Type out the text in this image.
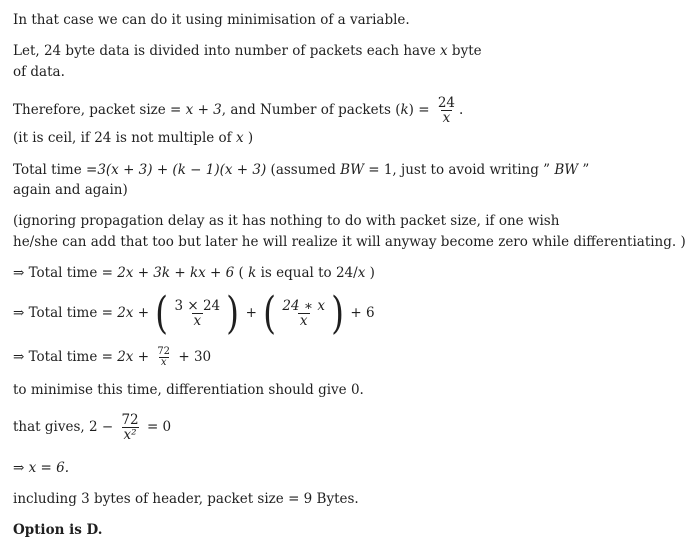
In that case we can do it using minimisation of a variable.
Let, 24 byte data is divided into number of packets each have x byte
of data.
Therefore, packet size = x + 3, and Number of packets $(k) = \frac{24}{x}$ .
(it is ceil, if 24 is not multiple of x )
Total time =3(x + 3) + (k − 1)(x + 3) (assumed BW = 1, just to avoid writing ” BW ”
again and again)
(ignoring propagation delay as it has nothing to do with packet size, if one wish
he/she can add that too but later he will realize it will anyway become zero while differentiating. )
⇒ Total time = 2x + 3k + kx + 6 ( k is equal to 24/x )
⇒ Total time = 2x + ( $\frac{3 \times 24}{x}$ ) + ( $\frac{24 ∗ x}{x}$ ) + 6
⇒ Total time = $2x + \frac{72}{x} + 30$
to minimise this time, differentiation should give 0.
that gives, $2 - \frac{72}{\text{x²}} = 0$
⇒ x = 6.
including 3 bytes of header, packet size = 9 Bytes.
Option is D.
